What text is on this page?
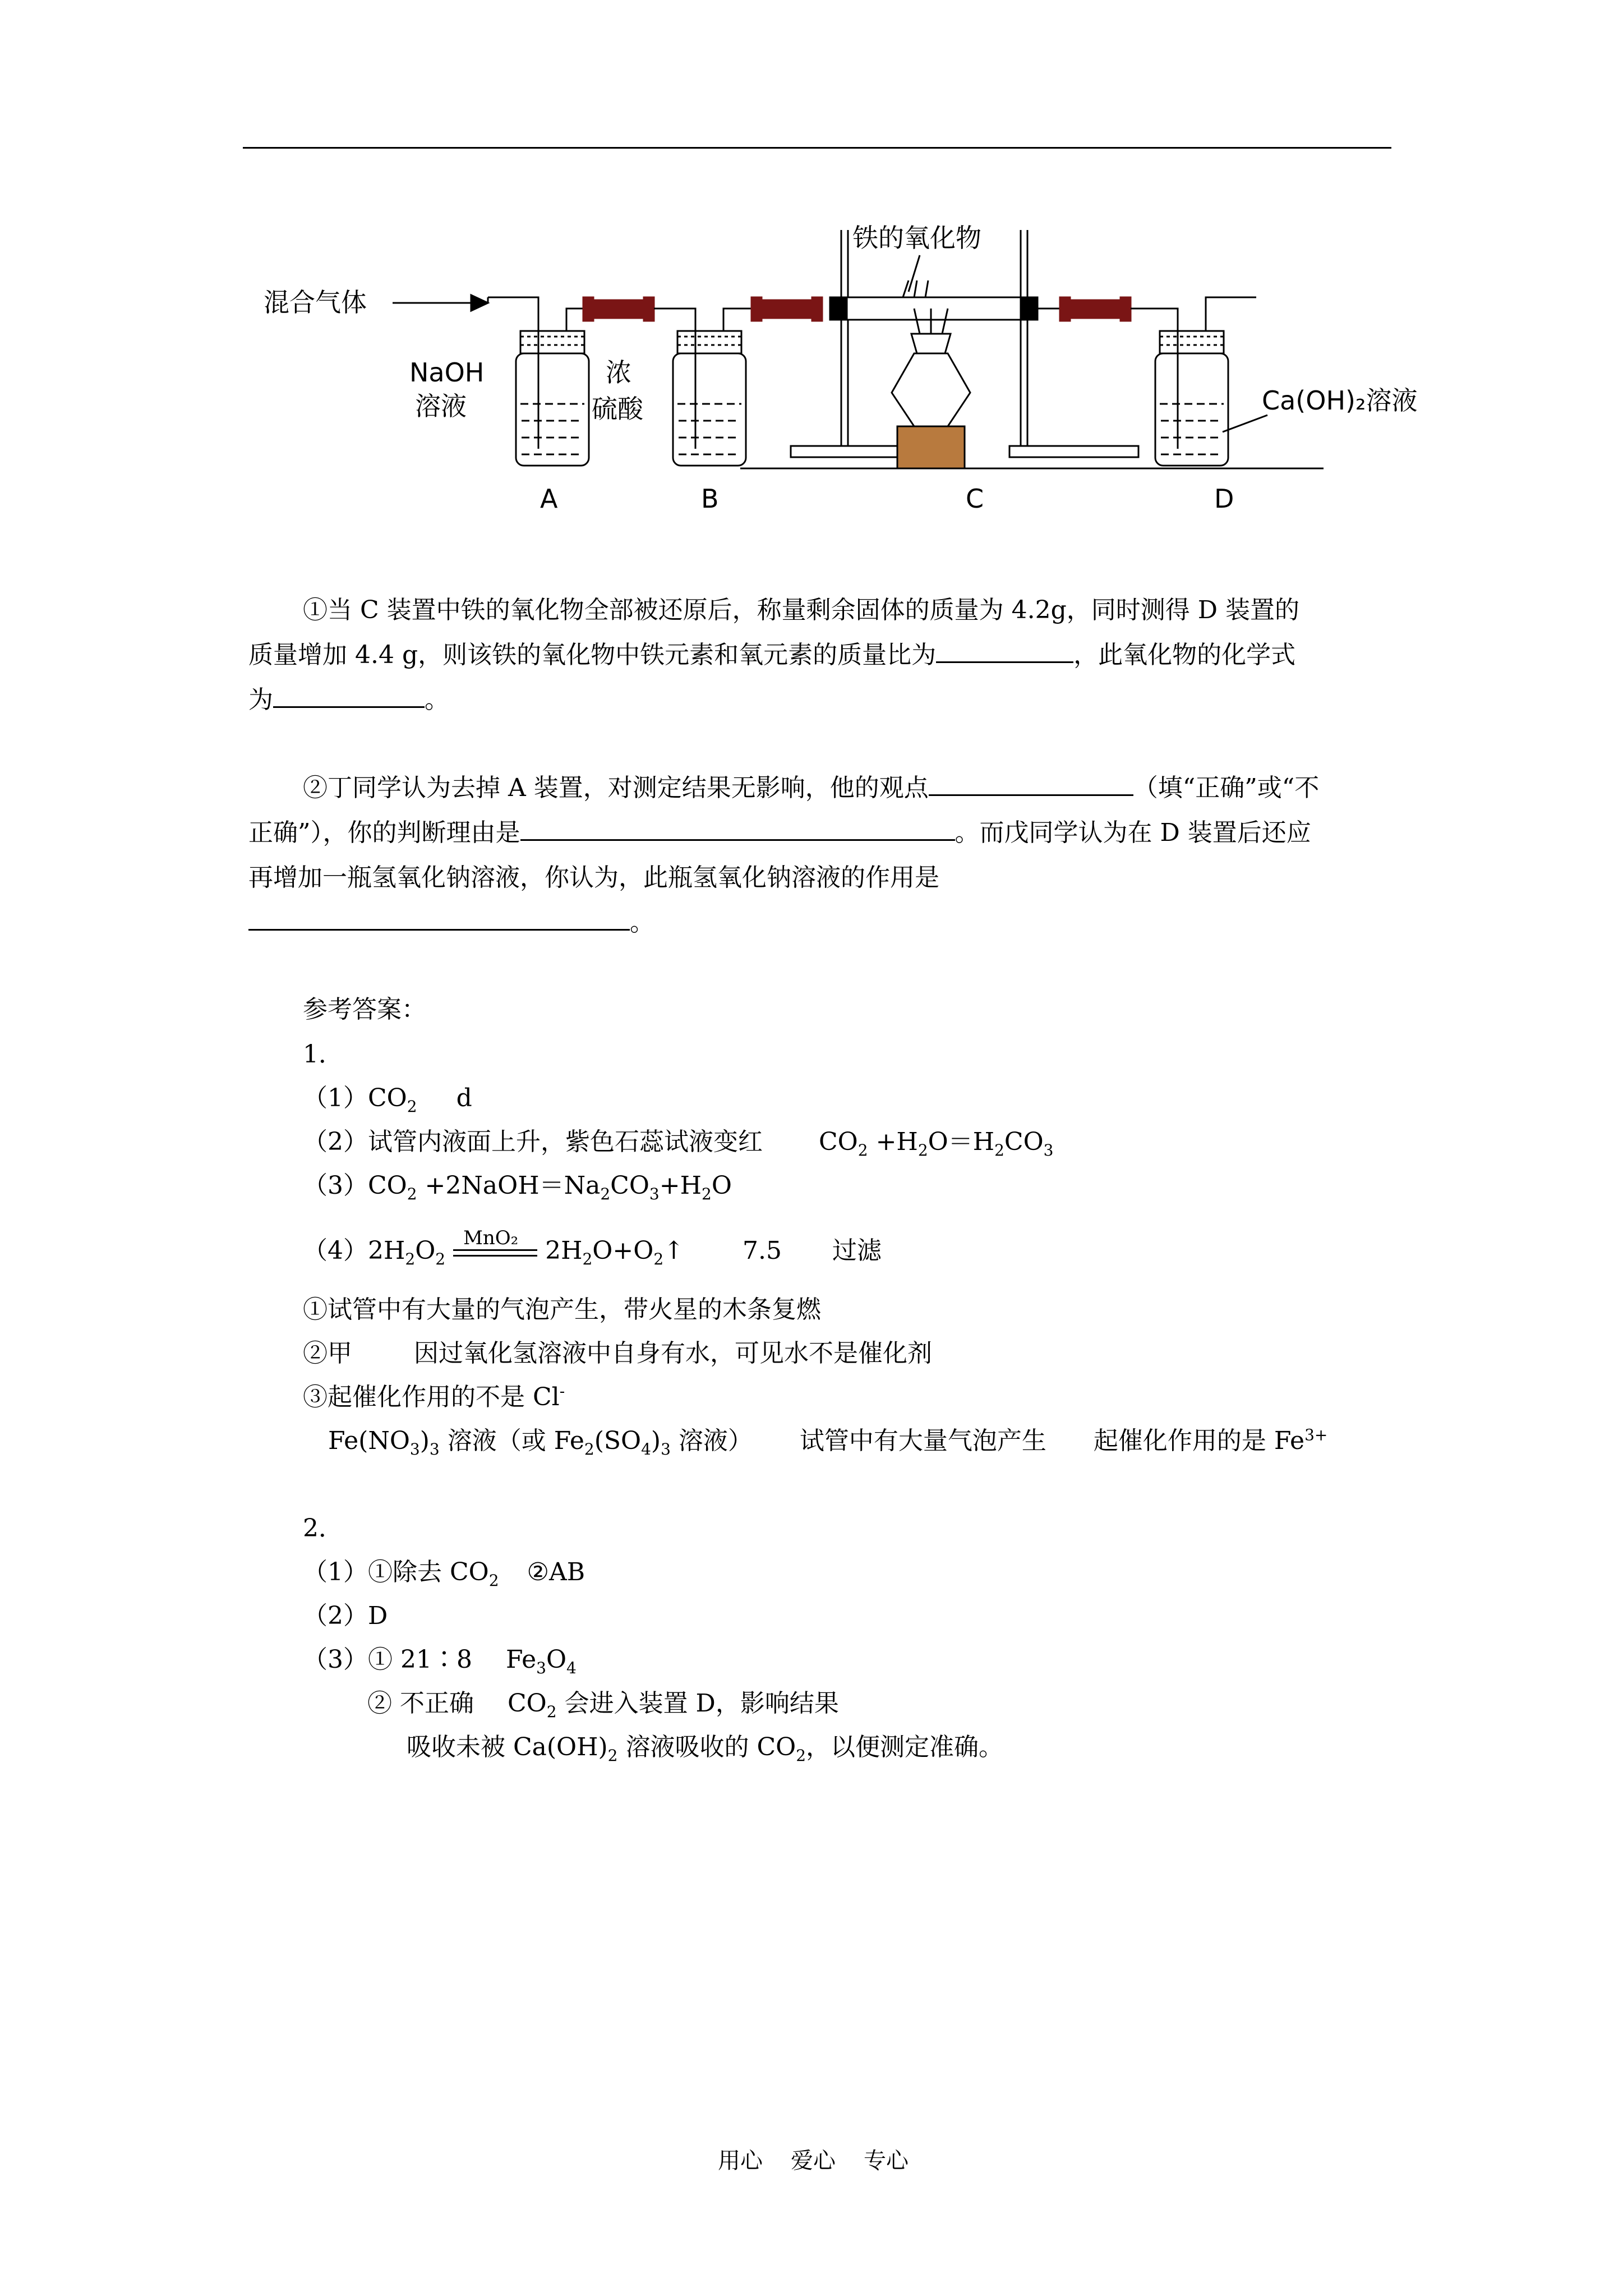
混合气体
铁的氧化物
NaOH
溶液
浓
硫酸	Ca(OH)₂溶液
A	B	C	D
①当 C 装置中铁的氧化物全部被还原后，称量剩余固体的质量为 4.2g，同时测得 D 装置的
质量增加 4.4 g，则该铁的氧化物中铁元素和氧元素的质量比为	，此氧化物的化学式
为	。
②丁同学认为去掉 A 装置，对测定结果无影响，他的观点	（填“正确”或“不
正确”），你的判断理由是	。而戊同学认为在 D 装置后还应
再增加一瓶氢氧化钠溶液，你认为，此瓶氢氧化钠溶液的作用是
。
参考答案：
1．
$(1)CO_2$ d
（2）试管内液面上升，紫色石蕊试液变红 $CO_2 +H_2O=H_2CO_3$
$(3)CO_2$ $+2NaOH=Na_2CO_3+H_2O$
$(4)2H_2O_2$
MnO₂ $2H_2O+O_2↑$ 7.5 过滤
①试管中有大量的气泡产生，带火星的木条复燃
②甲	因过氧化氢溶液中自身有水，可见水不是催化剂
③起催化作用的不是 Cl-
$Fe(NO_3)_3$ 溶液（或 $Fe_2(SO_4)_3$ 溶液） 试管中有大量气泡产生 起催化作用的是 $Fe^{3+}$
2．
（1）①除去 $CO_2$ ②AB
（2）D
（3）① 21∶8 $Fe_3O_4$
② 不正确 $CO_2$ 会进入装置 D，影响结果
吸收未被 $Ca(OH)_2$ 溶液吸收的 $CO_2$，以便测定准确。
用心 爱心 专心
